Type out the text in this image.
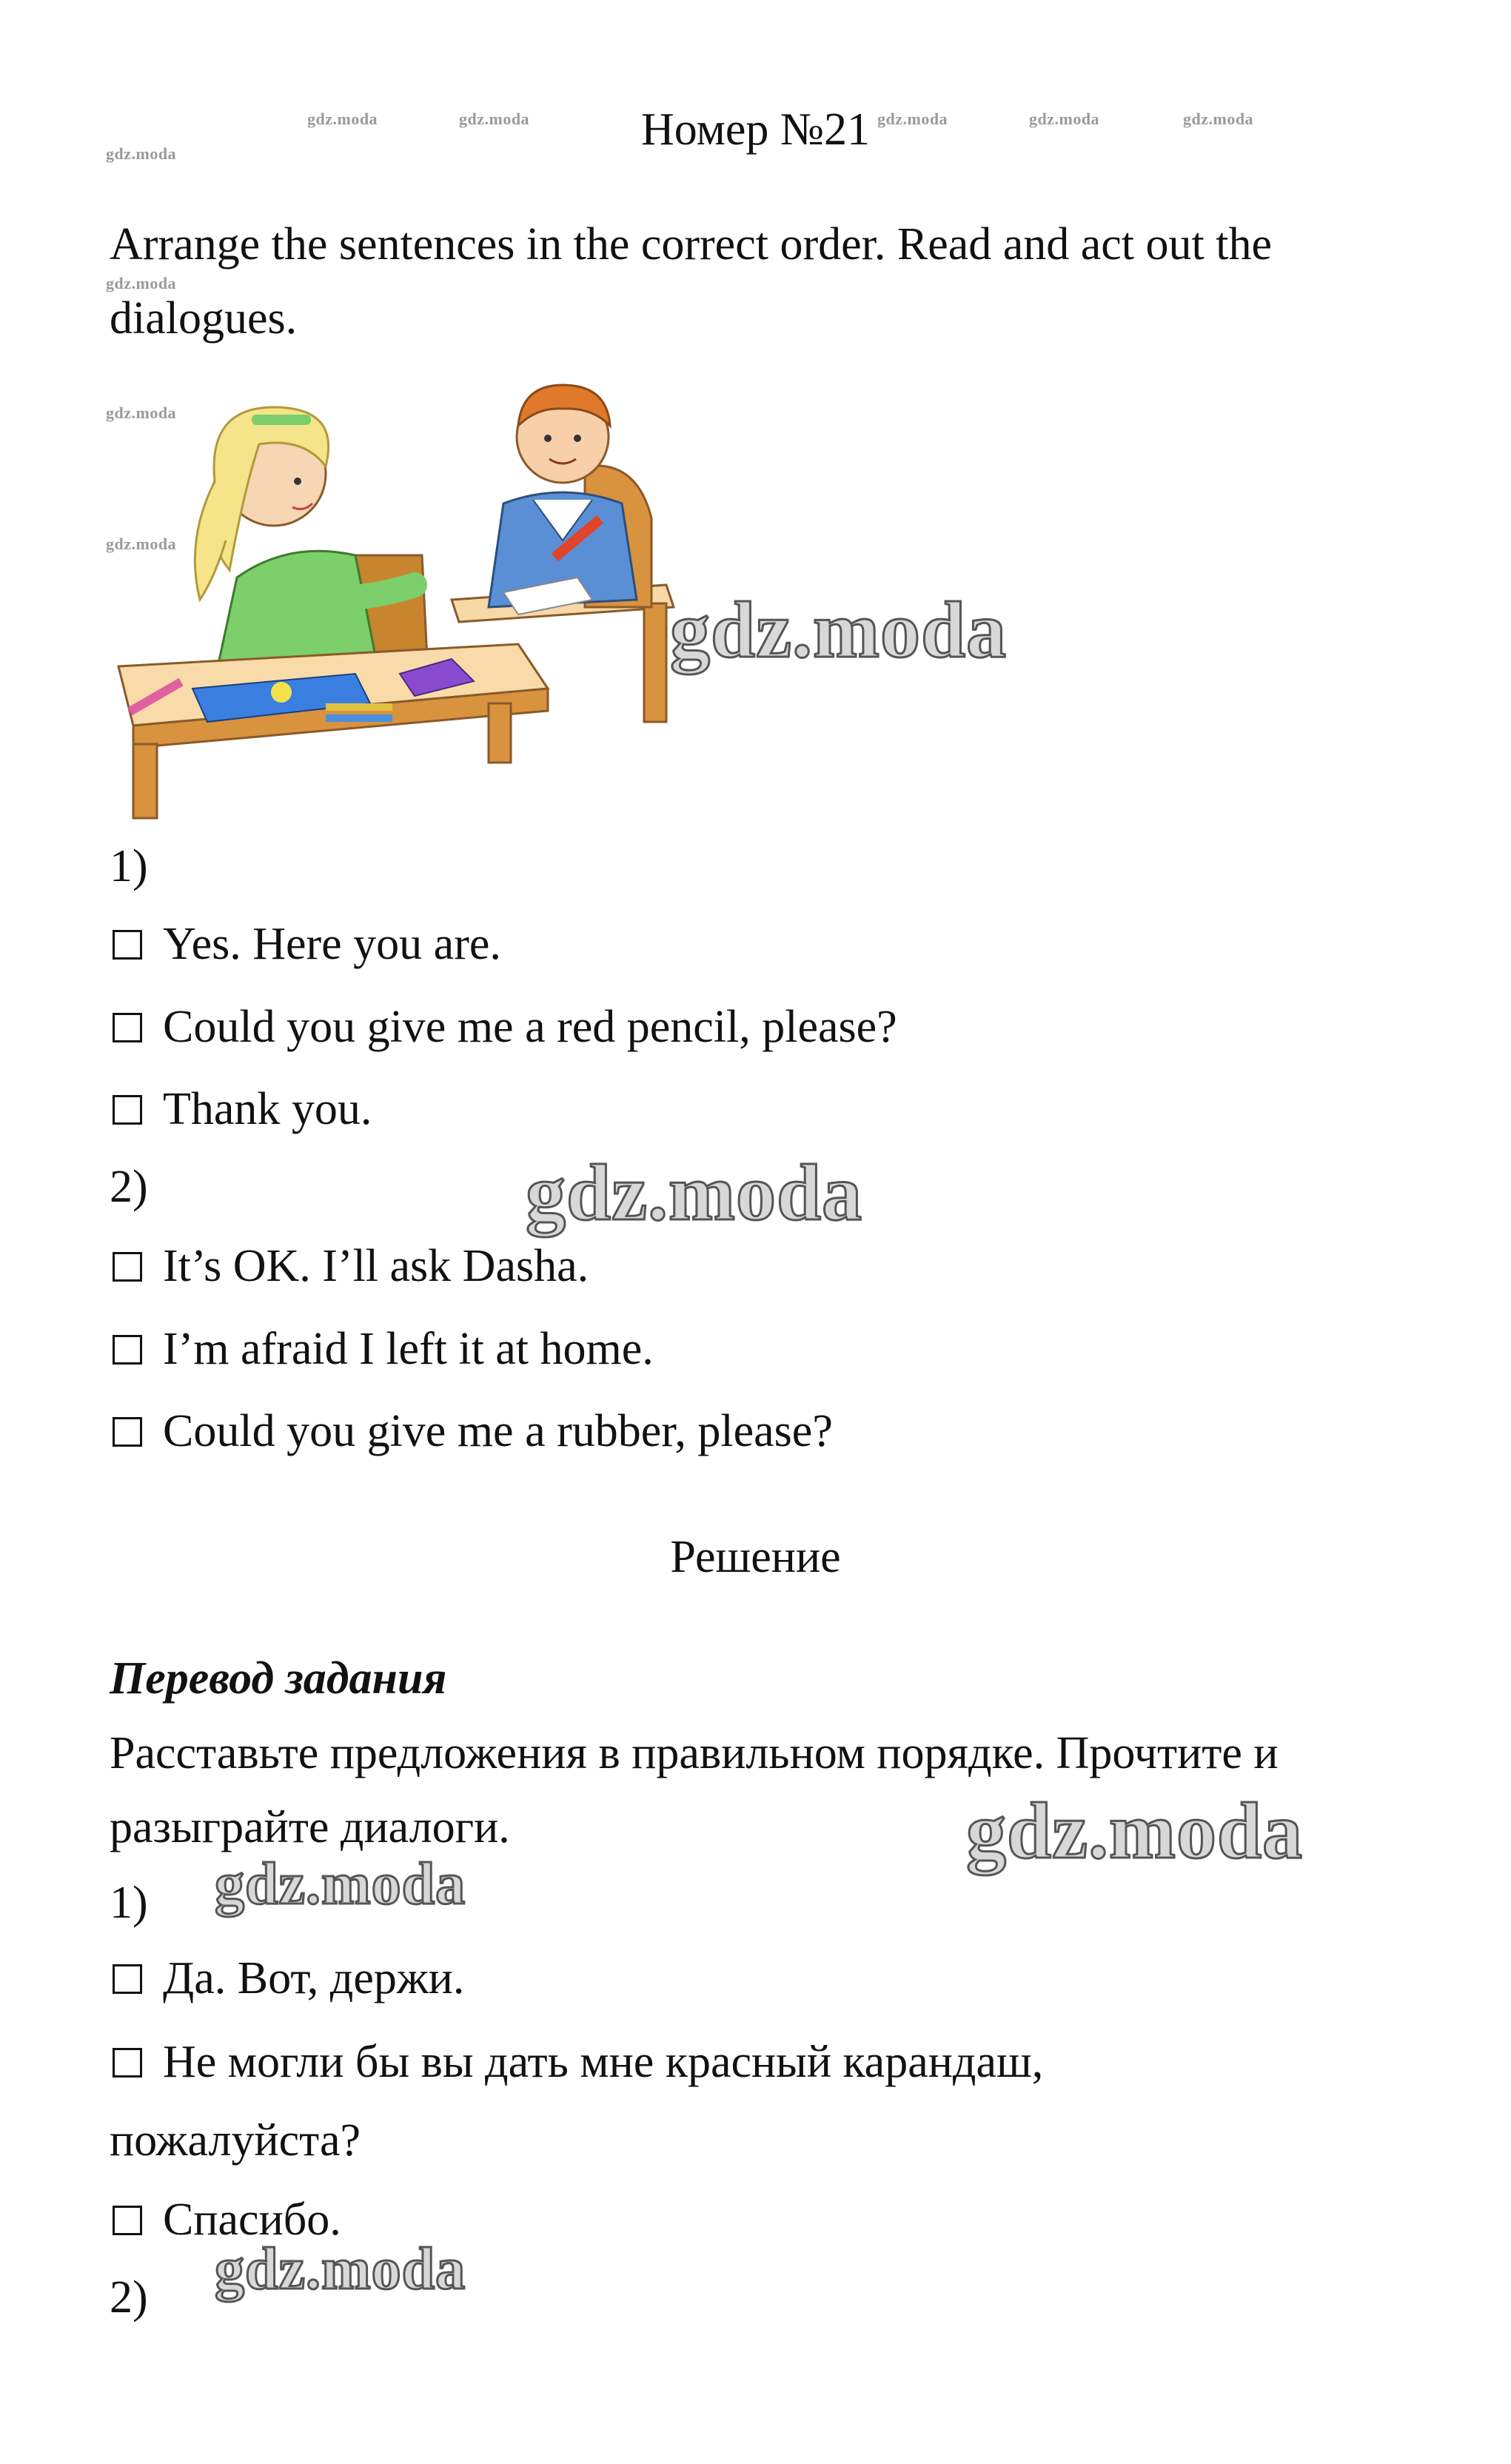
gdz.moda	gdz.moda	gdz.moda	gdz.moda	gdz.moda
gdz.moda
gdz.moda
gdz.moda
gdz.moda
Номер №21
Arrange the sentences in the correct order. Read and act out the
dialogues.
gdz.moda
1)
Yes. Here you are.
Could you give me a red pencil, please?
Thank you.
2)	gdz.moda
It’s OK. I’ll ask Dasha.
I’m afraid I left it at home.
Could you give me a rubber, please?
Решение
Перевод задания
Расставьте предложения в правильном порядке. Прочтите и
разыграйте диалоги.	gdz.moda
1) gdz.moda
Да. Вот, держи.
Не могли бы вы дать мне красный карандаш,
пожалуйста?
Спасибо.
gdz.moda
2)
